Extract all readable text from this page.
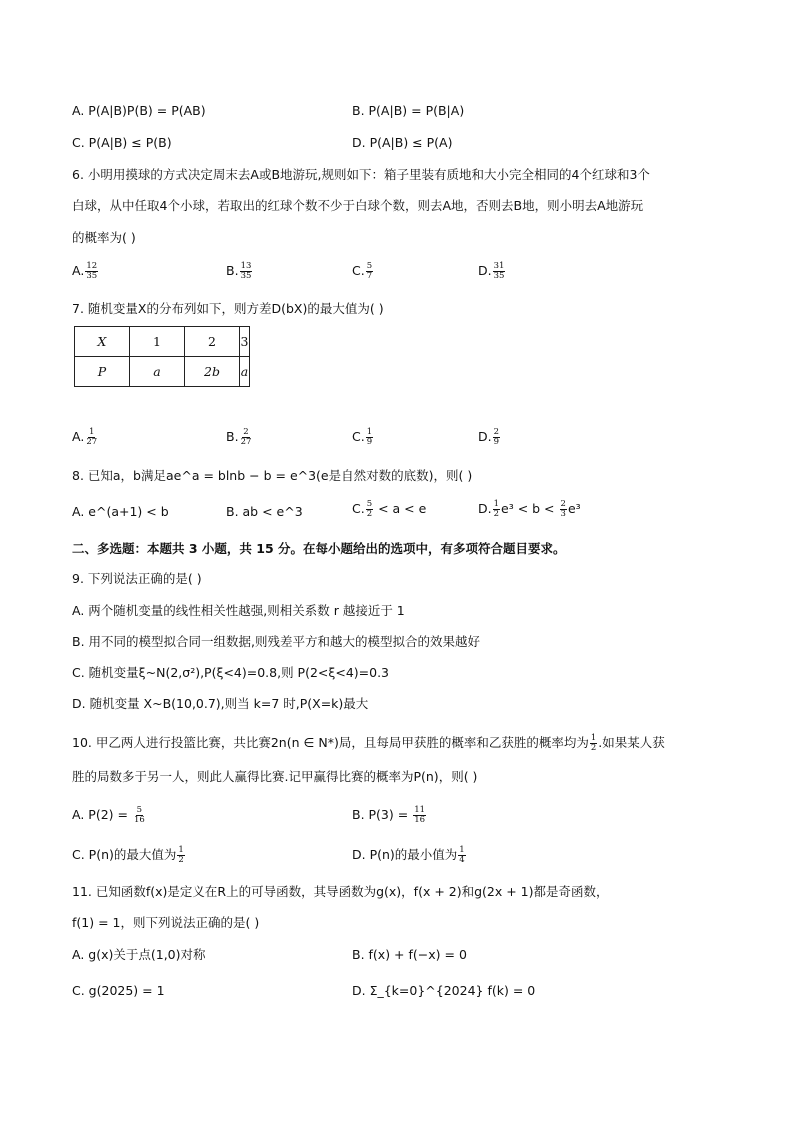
A. P(A|B)P(B) = P(AB)	B. P(A|B) = P(B|A)
C. P(A|B) ≤ P(B)	D. P(A|B) ≤ P(A)
6. 小明用摸球的方式决定周末去A或B地游玩,规则如下：箱子里装有质地和大小完全相同的4个红球和3个
白球，从中任取4个小球，若取出的红球个数不少于白球个数，则去A地，否则去B地，则小明去A地游玩
的概率为( )
A. $\frac{12}{35}$	B. $\frac{13}{35}$	C. $\frac{5}{7}$	D. $\frac{31}{35}$
7. 随机变量X的分布列如下，则方差D(bX)的最大值为( )
X	1	2	3
P	a	2b	a
A. $\frac{1}{27}$	B. $\frac{2}{27}$	C. $\frac{1}{9}$	D. $\frac{2}{9}$
8. 已知a，b满足ae^a = blnb − b = e^3(e是自然对数的底数)，则( )
A. e^(a+1) < b	B. ab < e^3	C. $\frac{5}{2} < a < e$	D. $\frac{1}{2} e^3 < b < \frac{2}{3} e^3$
二、多选题：本题共 3 小题，共 15 分。在每小题给出的选项中，有多项符合题目要求。
9. 下列说法正确的是( )
A. 两个随机变量的线性相关性越强,则相关系数 r 越接近于 1
B. 用不同的模型拟合同一组数据,则残差平方和越大的模型拟合的效果越好
C. 随机变量ξ~N(2,σ²),P(ξ<4)=0.8,则 P(2<ξ<4)=0.3
D. 随机变量 X~B(10,0.7),则当 k=7 时,P(X=k)最大
10. 甲乙两人进行投篮比赛，共比赛2n(n ∈ N*)局，且每局甲获胜的概率和乙获胜的概率均为 $\frac{1}{2}$ .如果某人获
胜的局数多于另一人，则此人赢得比赛.记甲赢得比赛的概率为P(n)，则( )
A. $P(2) = \frac{5}{16}$	B. $P(3) = \frac{11}{16}$
C. P(n)的最大值为 $\frac{1}{2}$	D. P(n)的最小值为 $\frac{1}{4}$
11. 已知函数f(x)是定义在R上的可导函数，其导函数为g(x)，f(x + 2)和g(2x + 1)都是奇函数，
f(1) = 1，则下列说法正确的是( )
A. g(x)关于点(1,0)对称	B. f(x) + f(−x) = 0
C. g(2025) = 1	D. Σ_{k=0}^{2024} f(k) = 0
